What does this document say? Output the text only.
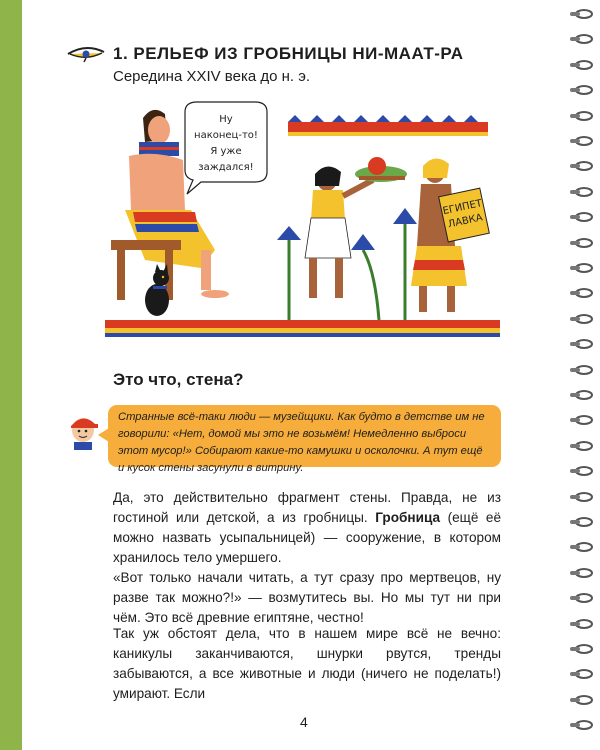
1. РЕЛЬЕФ ИЗ ГРОБНИЦЫ НИ-МААТ-РА
Середина XXIV века до н. э.
Ну
наконец-то!
Я уже
заждался!
ЕГИПЕТ
ЛАВКА
Это что, стена?
Странные всё-таки люди — музейщики. Как будто в детстве им не говорили: «Нет, домой мы это не возьмём! Немедленно выброси этот мусор!» Собирают какие-то камушки и осколочки. А тут ещё и кусок стены засунули в витрину.

Да, это действительно фрагмент стены. Правда, не из гостиной или детской, а из гробницы. Гробница (ещё её можно назвать усыпальницей) — сооружение, в котором хранилось тело умершего.

«Вот только начали читать, а тут сразу про мертвецов, ну разве так можно?!» — возмутитесь вы. Но мы тут ни при чём. Это всё древние египтяне, честно!

Так уж обстоят дела, что в нашем мире всё не вечно: каникулы заканчиваются, шнурки рвутся, тренды забываются, а все животные и люди (ничего не поделать!) умирают. Если

4
